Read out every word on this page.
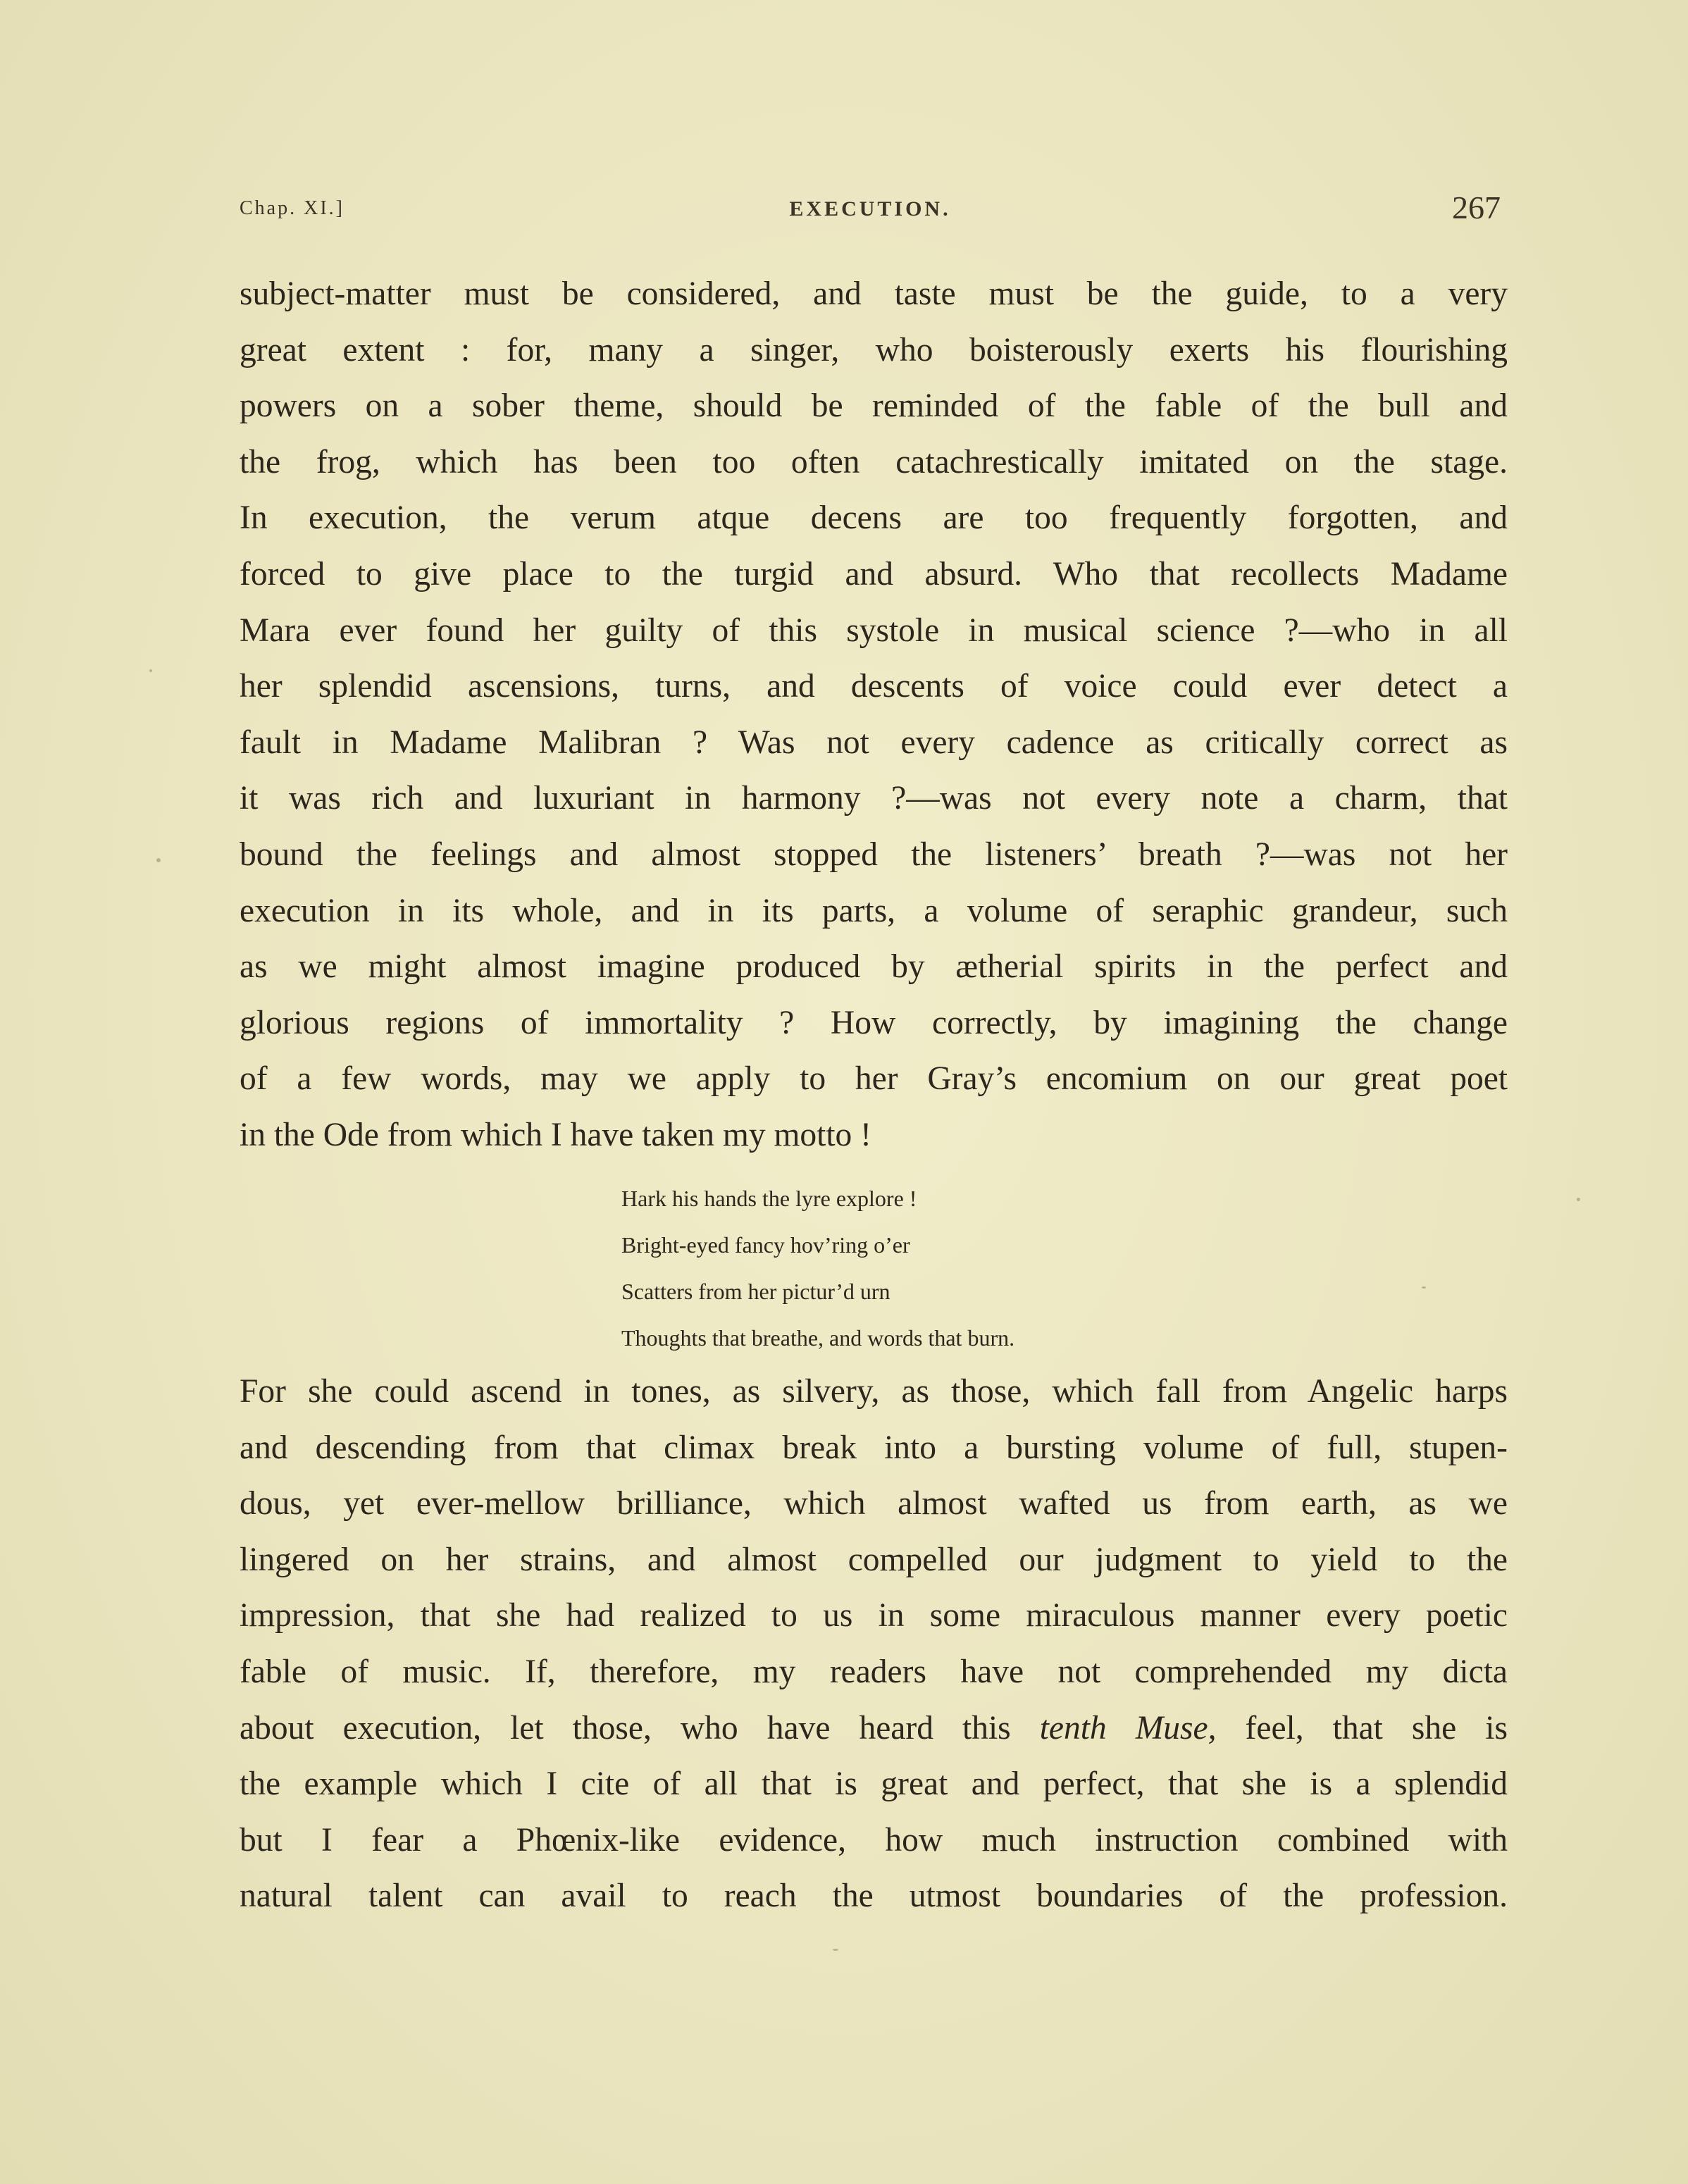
Chap. XI.]	EXECUTION.	267
subject-matter must be considered, and taste must be the guide, to a very
great extent : for, many a singer, who boisterously exerts his flourishing
powers on a sober theme, should be reminded of the fable of the bull and
the frog, which has been too often catachrestically imitated on the stage.
In execution, the verum atque decens are too frequently forgotten, and
forced to give place to the turgid and absurd. Who that recollects Madame
Mara ever found her guilty of this systole in musical science ?—who in all
her splendid ascensions, turns, and descents of voice could ever detect a
fault in Madame Malibran ? Was not every cadence as critically correct as
it was rich and luxuriant in harmony ?—was not every note a charm, that
bound the feelings and almost stopped the listeners’ breath ?—was not her
execution in its whole, and in its parts, a volume of seraphic grandeur, such
as we might almost imagine produced by ætherial spirits in the perfect and
glorious regions of immortality ? How correctly, by imagining the change
of a few words, may we apply to her Gray’s encomium on our great poet
in the Ode from which I have taken my motto !
Hark his hands the lyre explore !
Bright-eyed fancy hov’ring o’er
Scatters from her pictur’d urn
Thoughts that breathe, and words that burn.
For she could ascend in tones, as silvery, as those, which fall from Angelic harps
and descending from that climax break into a bursting volume of full, stupen-
dous, yet ever-mellow brilliance, which almost wafted us from earth, as we
lingered on her strains, and almost compelled our judgment to yield to the
impression, that she had realized to us in some miraculous manner every poetic
fable of music. If, therefore, my readers have not comprehended my dicta
about execution, let those, who have heard this tenth Muse, feel, that she is
the example which I cite of all that is great and perfect, that she is a splendid
but I fear a Phœnix-like evidence, how much instruction combined with
natural talent can avail to reach the utmost boundaries of the profession.
